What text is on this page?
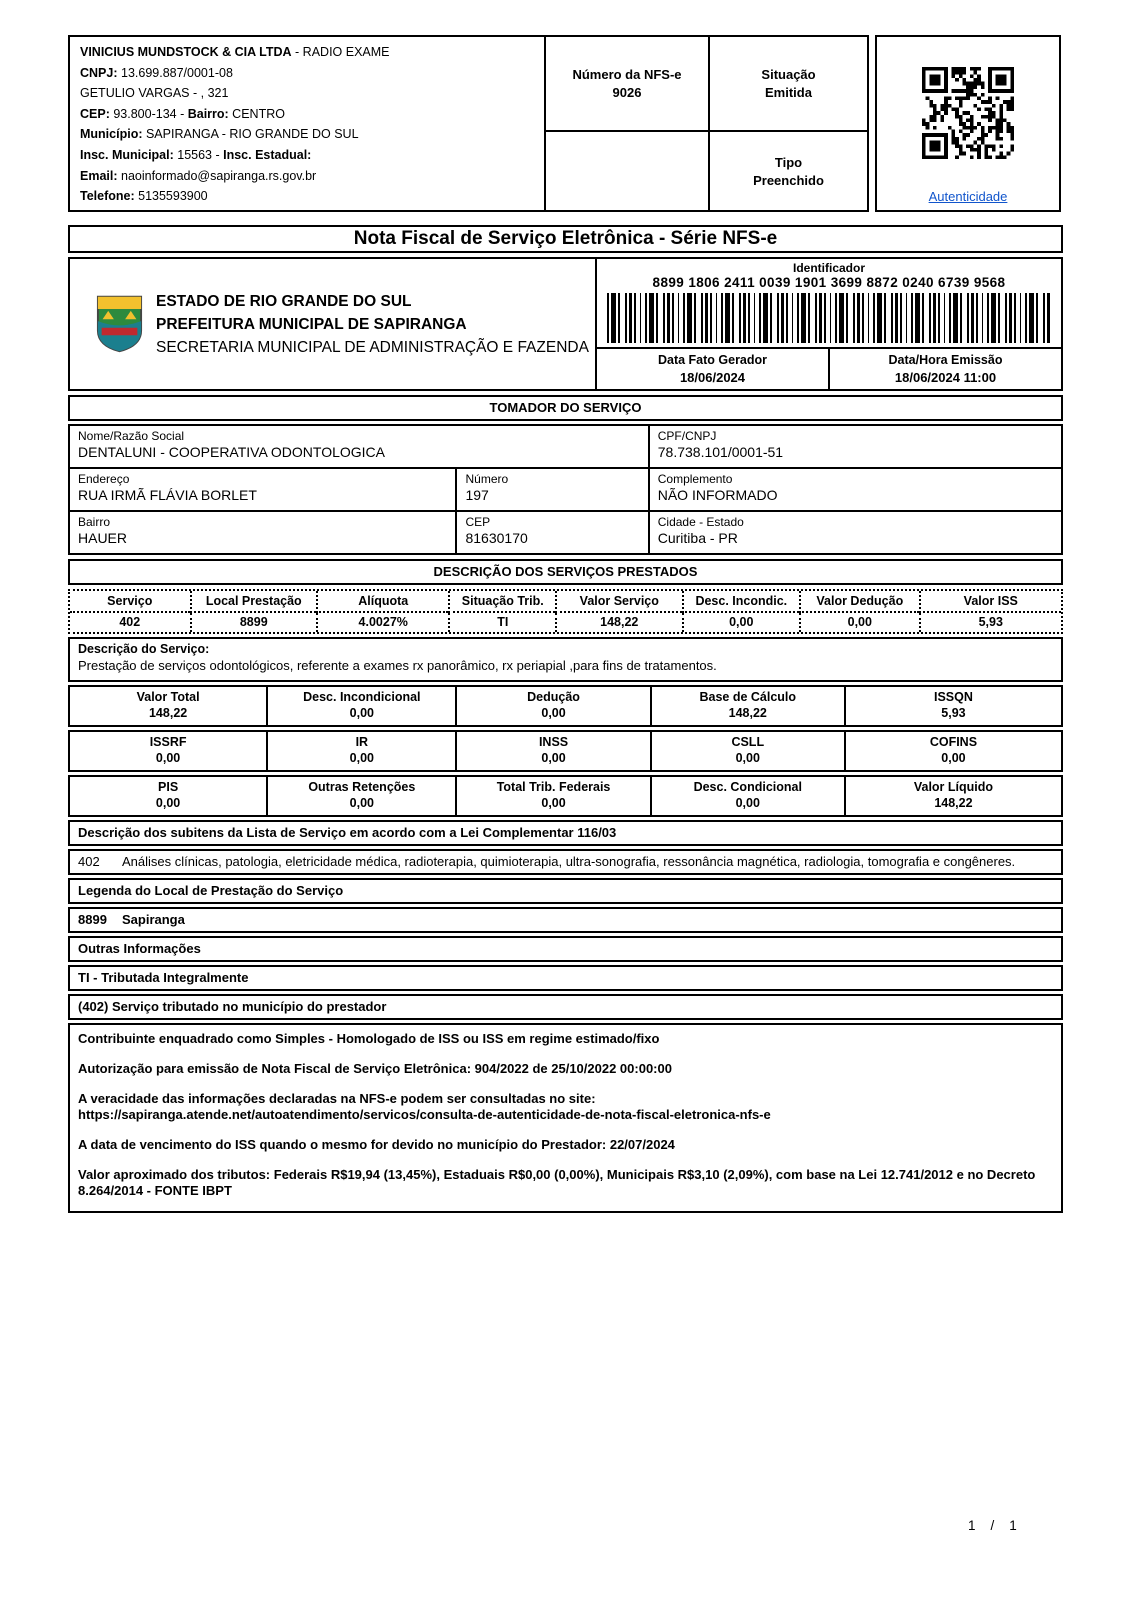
VINICIUS MUNDSTOCK & CIA LTDA - RADIO EXAME
CNPJ: 13.699.887/0001-08
GETULIO VARGAS - , 321
CEP: 93.800-134 - Bairro: CENTRO
Município: SAPIRANGA - RIO GRANDE DO SUL
Insc. Municipal: 15563 - Insc. Estadual:
Email: naoinformado@sapiranga.rs.gov.br
Telefone: 5135593900
Número da NFS-e
9026
Situação
Emitida
Tipo
Preenchido
Autenticidade
Nota Fiscal de Serviço Eletrônica - Série NFS-e
ESTADO DE RIO GRANDE DO SUL
PREFEITURA MUNICIPAL DE SAPIRANGA
SECRETARIA MUNICIPAL DE ADMINISTRAÇÃO E FAZENDA
Identificador
8899 1806 2411 0039 1901 3699 8872 0240 6739 9568
Data Fato Gerador
18/06/2024
Data/Hora Emissão
18/06/2024 11:00
TOMADOR DO SERVIÇO
Nome/Razão Social
DENTALUNI - COOPERATIVA ODONTOLOGICA
CPF/CNPJ
78.738.101/0001-51
Endereço
RUA IRMÃ FLÁVIA BORLET
Número
197
Complemento
NÃO INFORMADO
Bairro
HAUER
CEP
81630170
Cidade - Estado
Curitiba - PR
DESCRIÇÃO DOS SERVIÇOS PRESTADOS
Serviço	Local Prestação	Alíquota	Situação Trib.	Valor Serviço	Desc. Incondic.	Valor Dedução	Valor ISS
402	8899	4.0027%	TI	148,22	0,00	0,00	5,93
Descrição do Serviço:
Prestação de serviços odontológicos, referente a exames rx panorâmico, rx periapial ,para fins de tratamentos.
Valor Total
148,22
Desc. Incondicional
0,00
Dedução
0,00
Base de Cálculo
148,22
ISSQN
5,93
ISSRF
0,00
IR
0,00
INSS
0,00
CSLL
0,00
COFINS
0,00
PIS
0,00
Outras Retenções
0,00
Total Trib. Federais
0,00
Desc. Condicional
0,00
Valor Líquido
148,22
Descrição dos subitens da Lista de Serviço em acordo com a Lei Complementar 116/03
402	Análises clínicas, patologia, eletricidade médica, radioterapia, quimioterapia, ultra-sonografia, ressonância magnética, radiologia, tomografia e congêneres.
Legenda do Local de Prestação do Serviço
8899	Sapiranga
Outras Informações
TI - Tributada Integralmente
(402) Serviço tributado no município do prestador

Contribuinte enquadrado como Simples - Homologado de ISS ou ISS em regime estimado/fixo

Autorização para emissão de Nota Fiscal de Serviço Eletrônica: 904/2022 de 25/10/2022 00:00:00

A veracidade das informações declaradas na NFS-e podem ser consultadas no site:
https://sapiranga.atende.net/autoatendimento/servicos/consulta-de-autenticidade-de-nota-fiscal-eletronica-nfs-e

A data de vencimento do ISS quando o mesmo for devido no município do Prestador: 22/07/2024

Valor aproximado dos tributos: Federais R$19,94 (13,45%), Estaduais R$0,00 (0,00%), Municipais R$3,10 (2,09%), com base na Lei 12.741/2012 e no Decreto 8.264/2014 - FONTE IBPT

1 / 1
